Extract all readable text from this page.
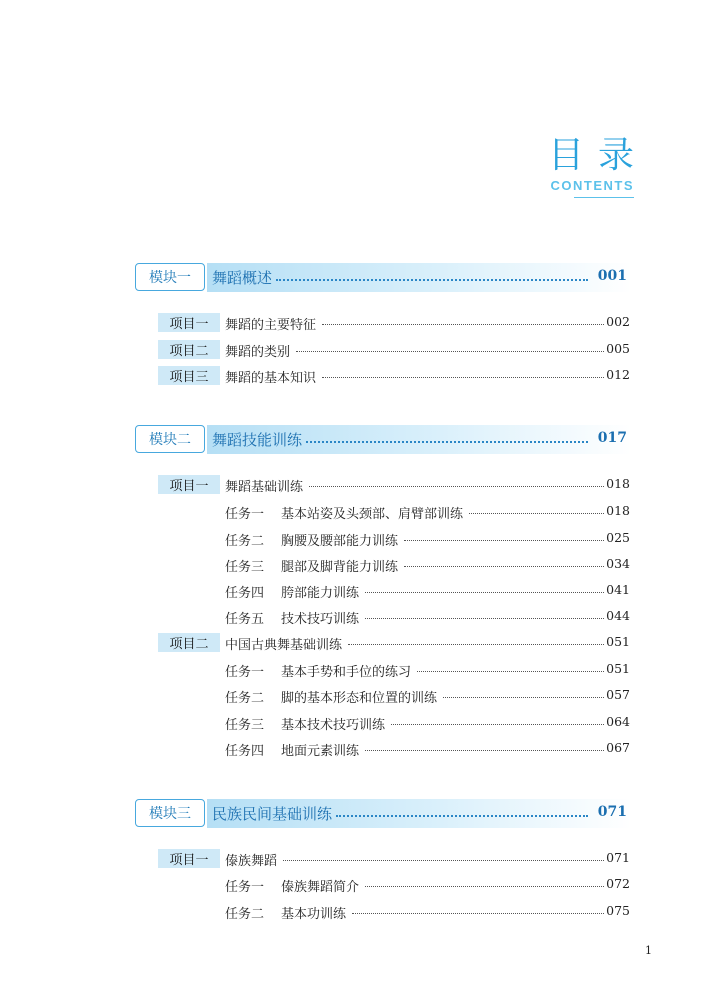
目录
CONTENTS
模块一	舞蹈概述	001
项目一	舞蹈的主要特征	002
项目二	舞蹈的类别	005
项目三	舞蹈的基本知识	012
模块二	舞蹈技能训练	017
项目一	舞蹈基础训练	018
任务一 基本站姿及头颈部、肩臂部训练	018
任务二 胸腰及腰部能力训练	025
任务三 腿部及脚背能力训练	034
任务四 胯部能力训练	041
任务五 技术技巧训练	044
项目二	中国古典舞基础训练	051
任务一 基本手势和手位的练习	051
任务二 脚的基本形态和位置的训练	057
任务三 基本技术技巧训练	064
任务四 地面元素训练	067
模块三	民族民间基础训练	071
项目一	傣族舞蹈	071
任务一 傣族舞蹈简介	072
任务二 基本功训练	075
1
